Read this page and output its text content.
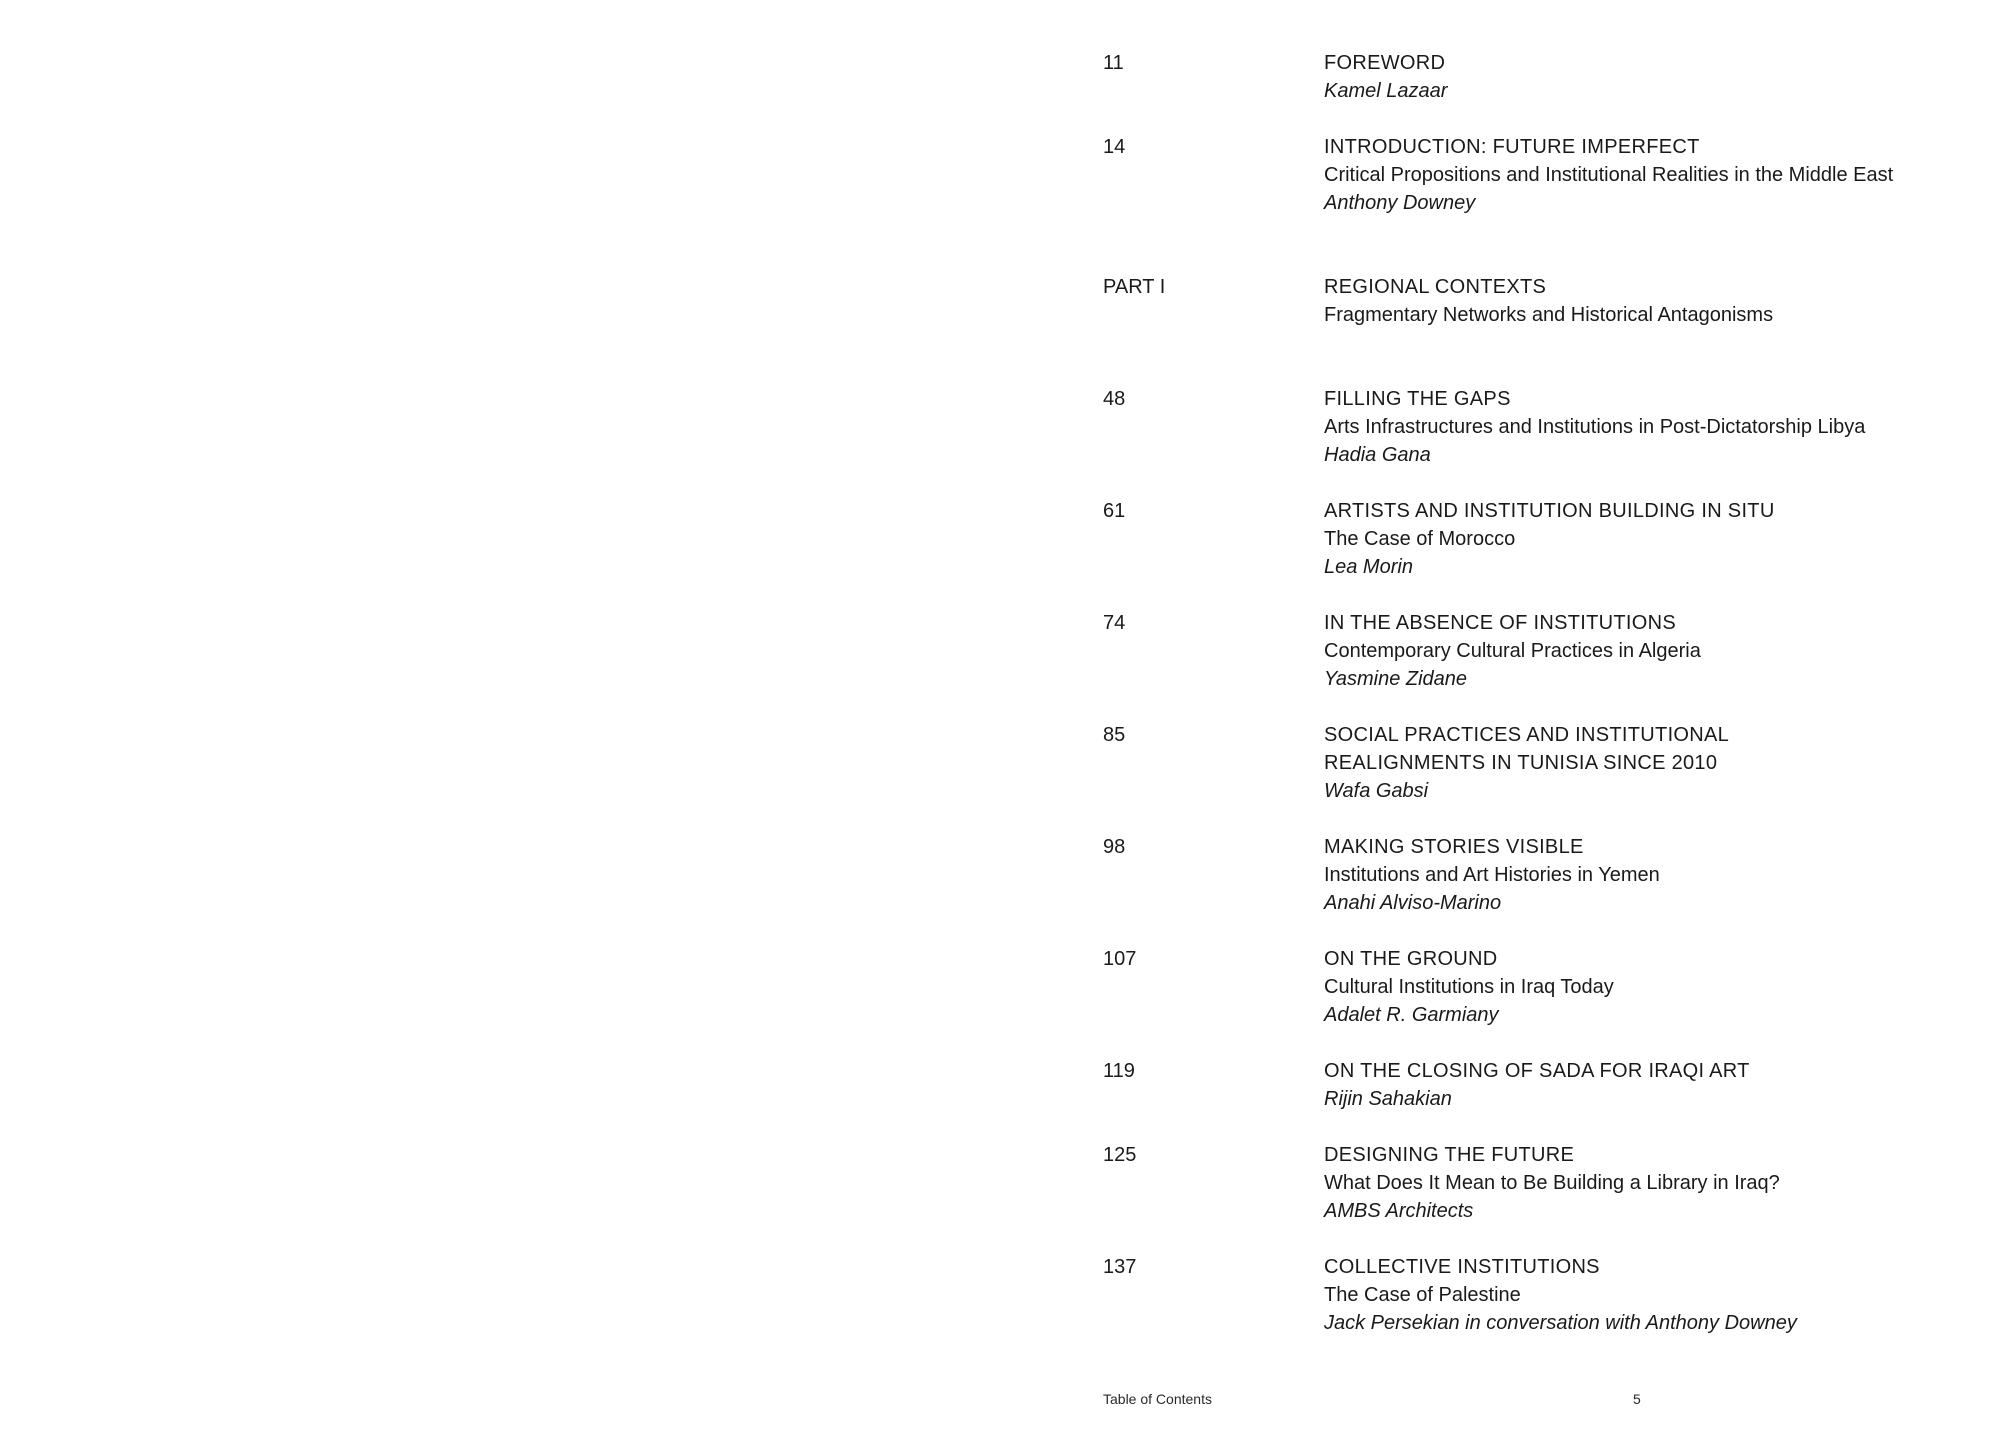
11	FOREWORD
Kamel Lazaar
14	INTRODUCTION: FUTURE IMPERFECT
Critical Propositions and Institutional Realities in the Middle East
Anthony Downey
PART I	REGIONAL CONTEXTS
Fragmentary Networks and Historical Antagonisms
48	FILLING THE GAPS
Arts Infrastructures and Institutions in Post-Dictatorship Libya
Hadia Gana
61	ARTISTS AND INSTITUTION BUILDING IN SITU
The Case of Morocco
Lea Morin
74	IN THE ABSENCE OF INSTITUTIONS
Contemporary Cultural Practices in Algeria
Yasmine Zidane
85	SOCIAL PRACTICES AND INSTITUTIONAL
REALIGNMENTS IN TUNISIA SINCE 2010
Wafa Gabsi
98	MAKING STORIES VISIBLE
Institutions and Art Histories in Yemen
Anahi Alviso-Marino
107	ON THE GROUND
Cultural Institutions in Iraq Today
Adalet R. Garmiany
119	ON THE CLOSING OF SADA FOR IRAQI ART
Rijin Sahakian
125	DESIGNING THE FUTURE
What Does It Mean to Be Building a Library in Iraq?
AMBS Architects
137	COLLECTIVE INSTITUTIONS
The Case of Palestine
Jack Persekian in conversation with Anthony Downey
Table of Contents	5
